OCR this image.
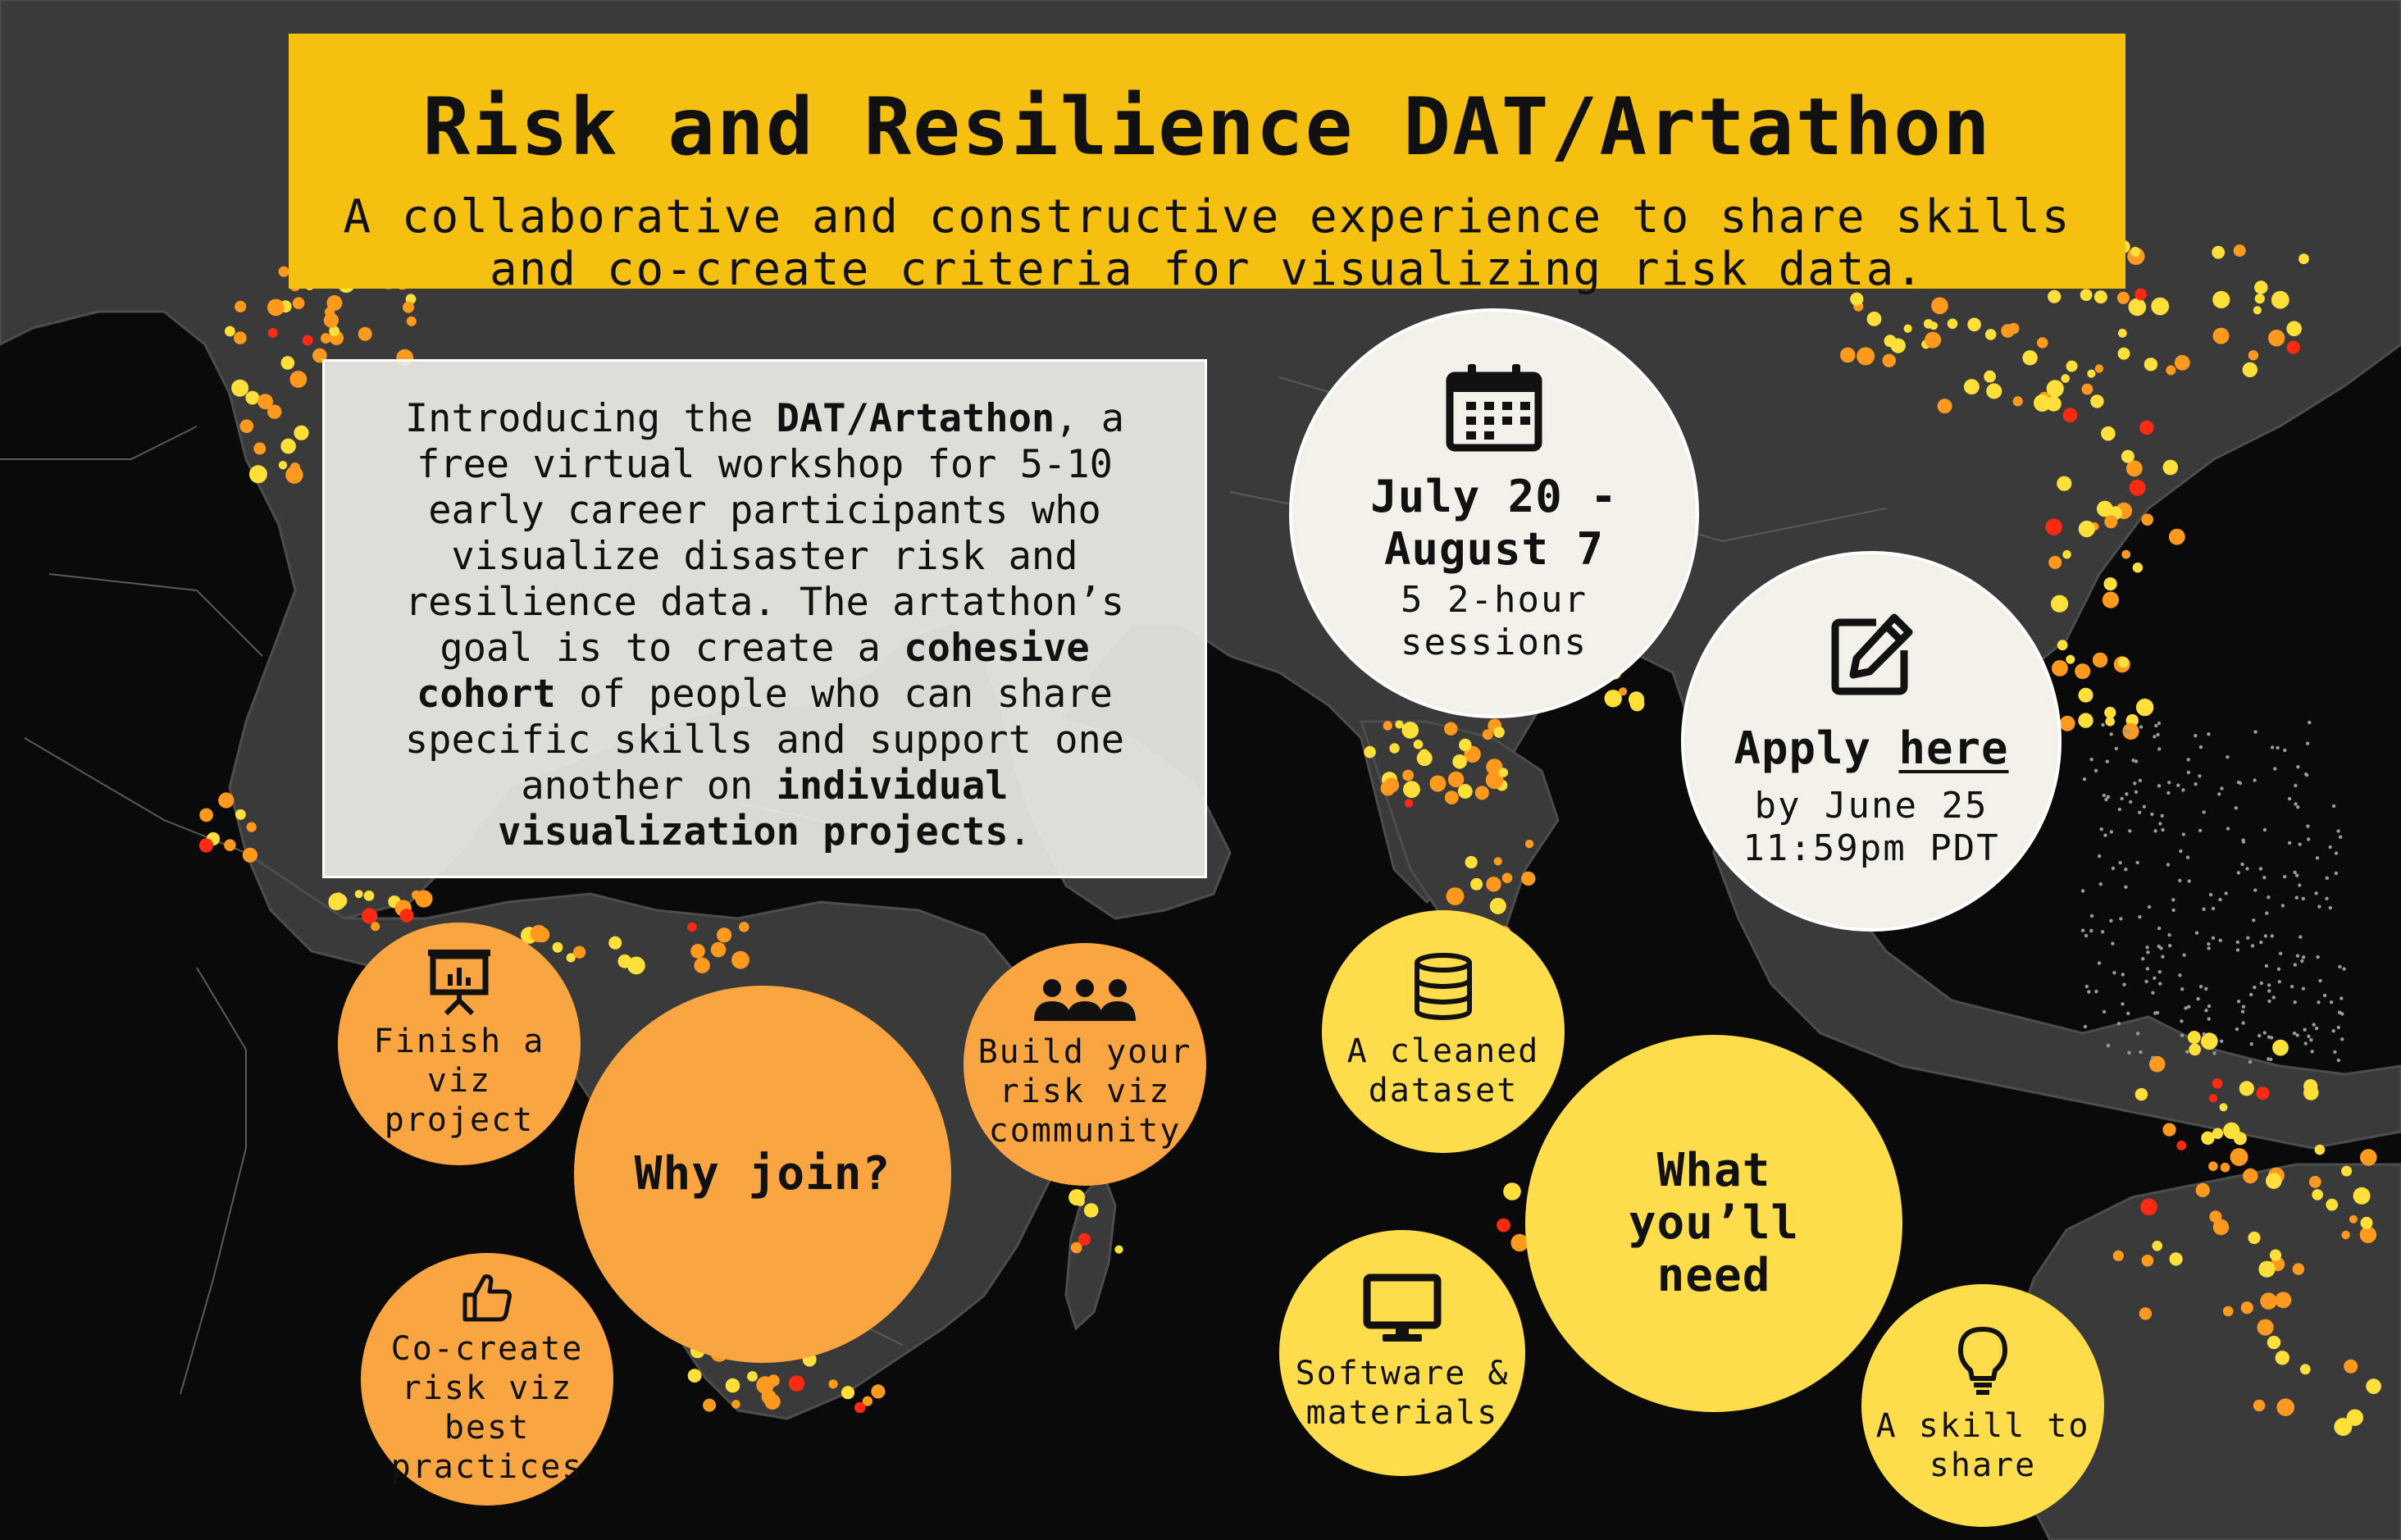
Risk and Resilience DAT/Artathon
A collaborative and constructive experience to share skills and co-create criteria for visualizing risk data.
Introducing the DAT/Artathon, a free virtual workshop for 5-10 early career participants who visualize disaster risk and resilience data. The artathon’s goal is to create a cohesive cohort of people who can share specific skills and support one another on individual visualization projects.
July 20 -
August 7
5 2-hour
sessions
Apply here
by June 25
11:59pm PDT
Why join?
Finish a
viz
project
Build your
risk viz
community
Co-create
risk viz
best
practices
What
you’ll
need
A cleaned
dataset
Software &
materials	A skill to
share
